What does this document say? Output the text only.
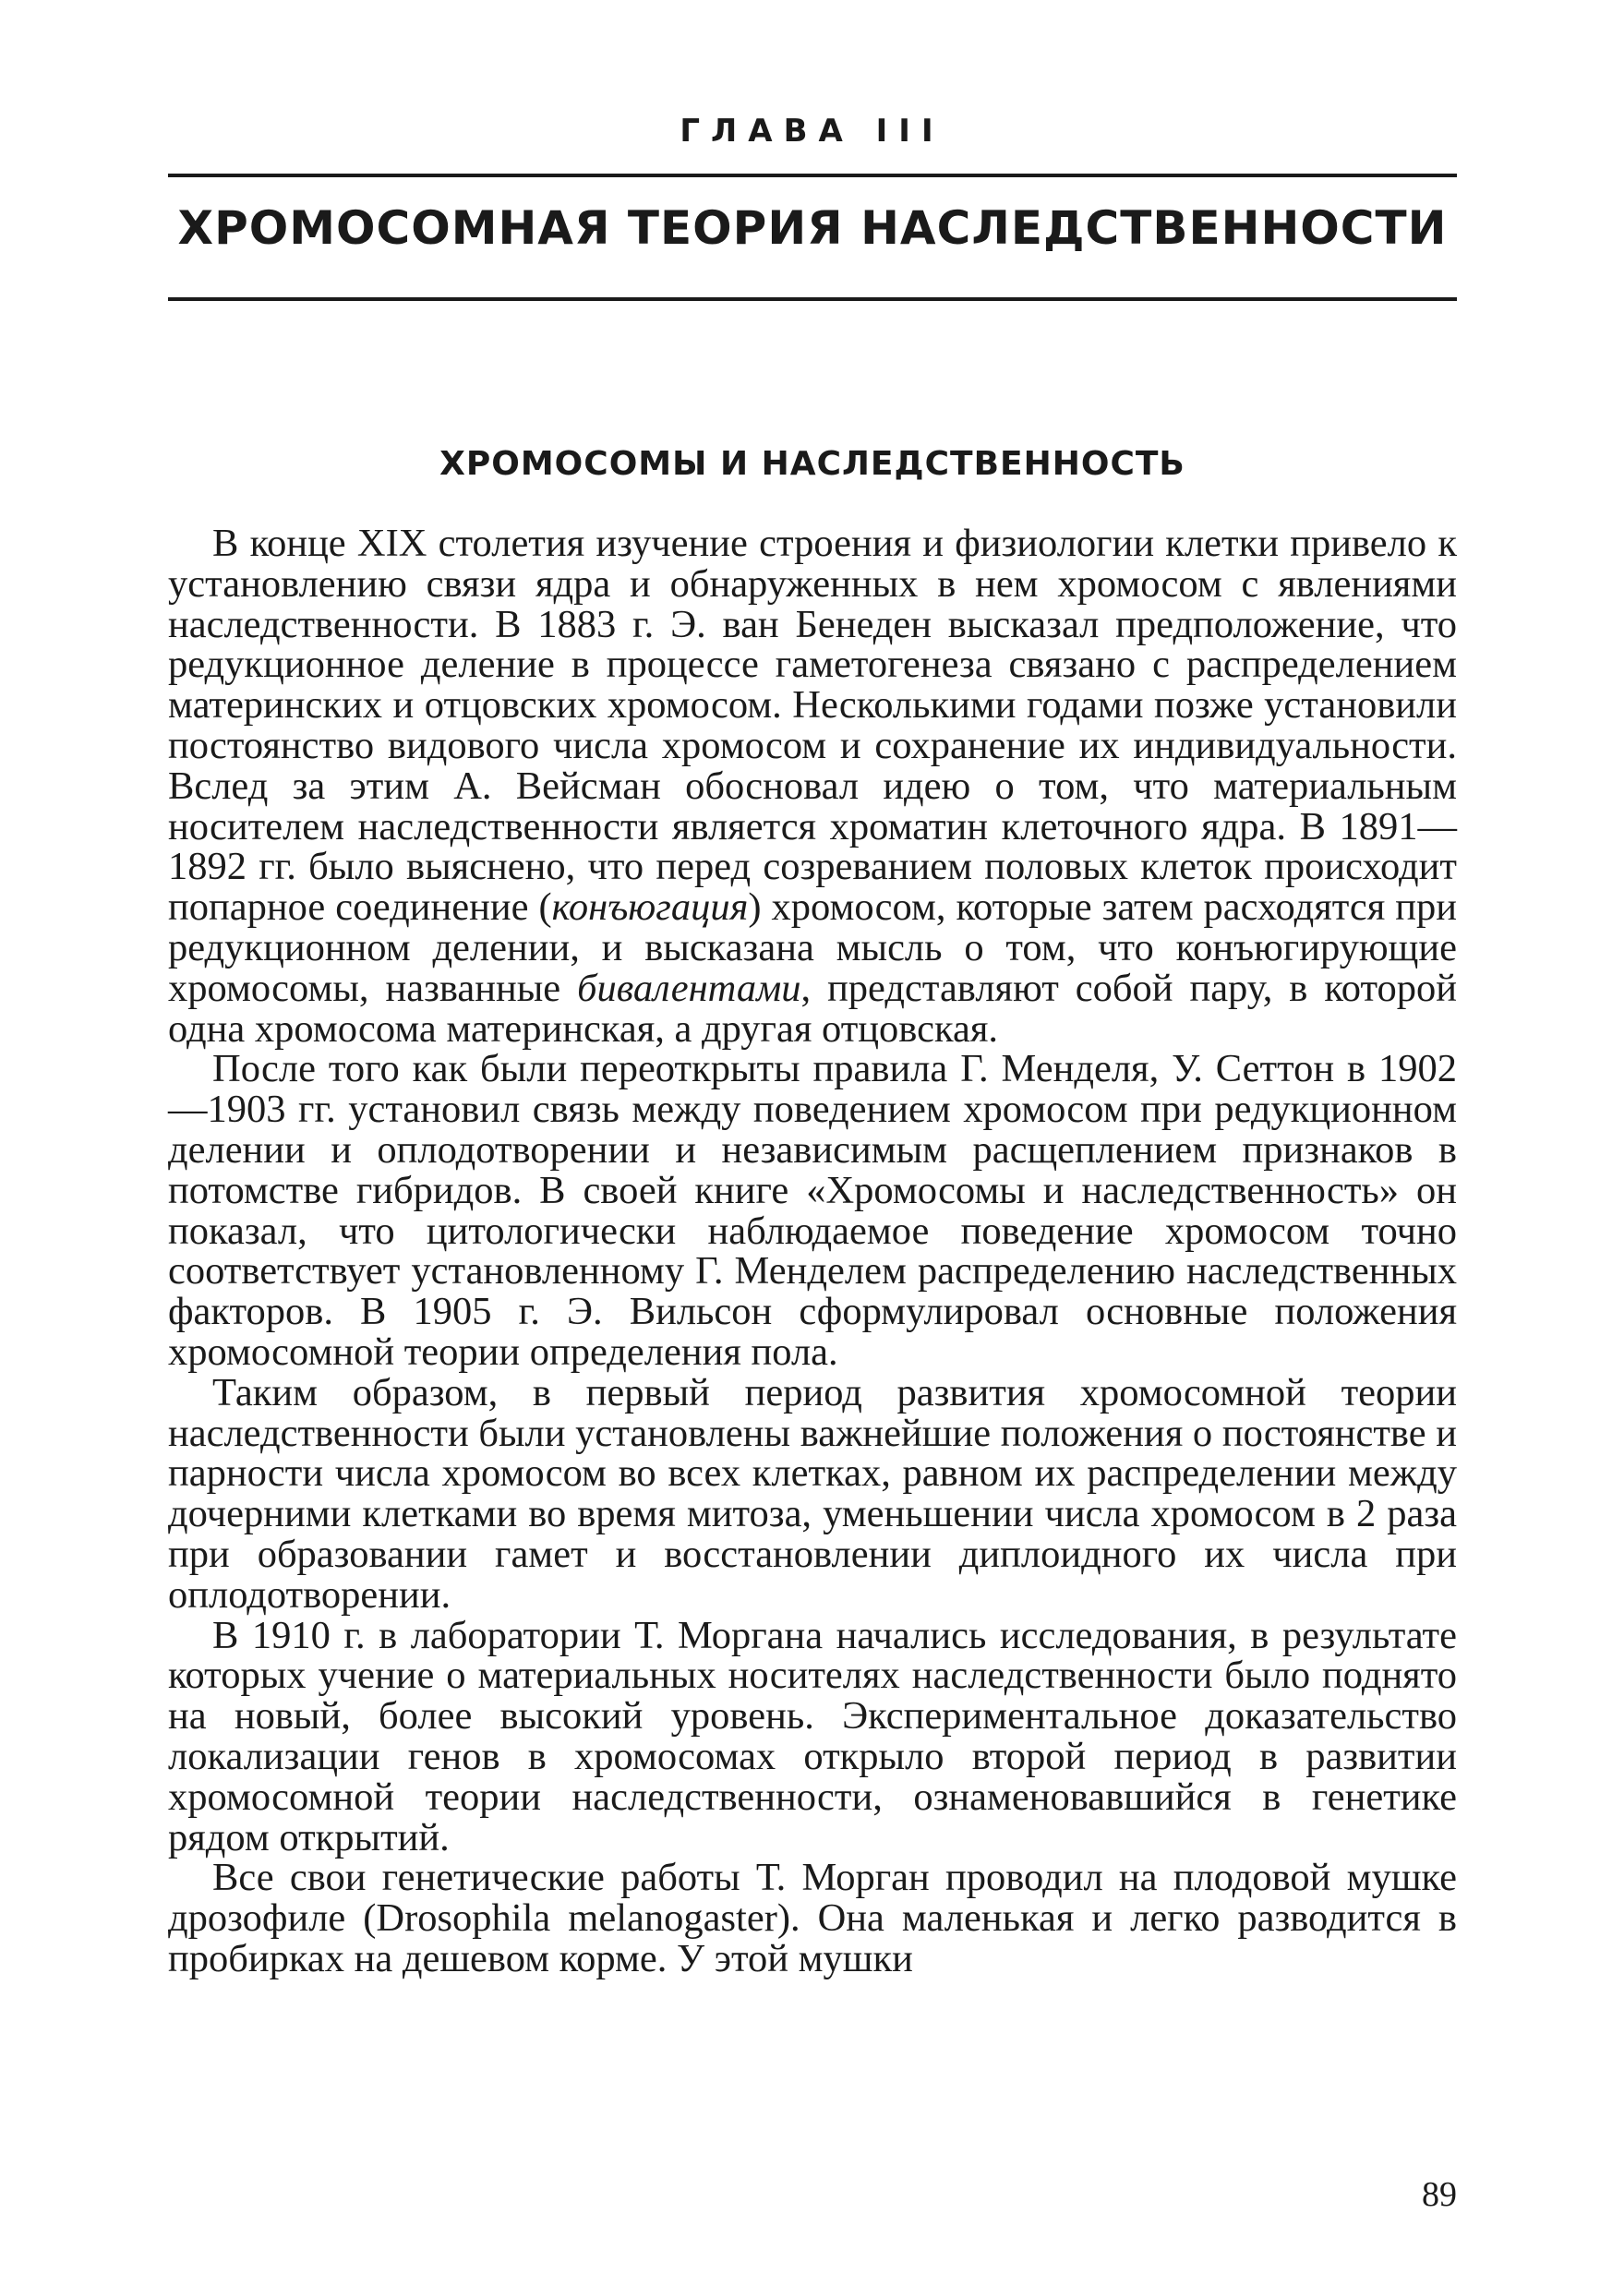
ГЛАВА III
ХРОМОСОМНАЯ ТЕОРИЯ НАСЛЕДСТВЕННОСТИ
ХРОМОСОМЫ И НАСЛЕДСТВЕННОСТЬ

В конце XIX столетия изучение строения и физиологии клетки привело к установлению связи ядра и обнаруженных в нем хромосом с явлениями наследственности. В 1883 г. Э. ван Бенеден высказал предположение, что редукционное деление в процессе гаметогенеза связано с распределением материнских и отцовских хромосом. Несколькими годами позже установили постоянство видового числа хромосом и сохранение их индивидуальности. Вслед за этим А. Вейсман обосновал идею о том, что материальным носителем наследственности является хроматин клеточного ядра. В 1891—1892 гг. было выяснено, что перед созреванием половых клеток происходит попарное соединение (конъюгация) хромосом, которые затем расходятся при редукционном делении, и высказана мысль о том, что конъюгирующие хромосомы, названные бивалентами, представляют собой пару, в которой одна хромосома материнская, а другая отцовская.

После того как были переоткрыты правила Г. Менделя, У. Сеттон в 1902—1903 гг. установил связь между поведением хромосом при редукционном делении и оплодотворении и независимым расщеплением признаков в потомстве гибридов. В своей книге «Хромосомы и наследственность» он показал, что цитологически наблюдаемое поведение хромосом точно соответствует установленному Г. Менделем распределению наследственных факторов. В 1905 г. Э. Вильсон сформулировал основные положения хромосомной теории определения пола.

Таким образом, в первый период развития хромосомной теории наследственности были установлены важнейшие положения о постоянстве и парности числа хромосом во всех клетках, равном их распределении между дочерними клетками во время митоза, уменьшении числа хромосом в 2 раза при образовании гамет и восстановлении диплоидного их числа при оплодотворении.

В 1910 г. в лаборатории Т. Моргана начались исследования, в результате которых учение о материальных носителях наследственности было поднято на новый, более высокий уровень. Экспериментальное доказательство локализации генов в хромосомах открыло второй период в развитии хромосомной теории наследственности, ознаменовавшийся в генетике рядом открытий.

Все свои генетические работы Т. Морган проводил на плодовой мушке дрозофиле (Drosophila melanogaster). Она маленькая и легко разводится в пробирках на дешевом корме. У этой мушки

89
